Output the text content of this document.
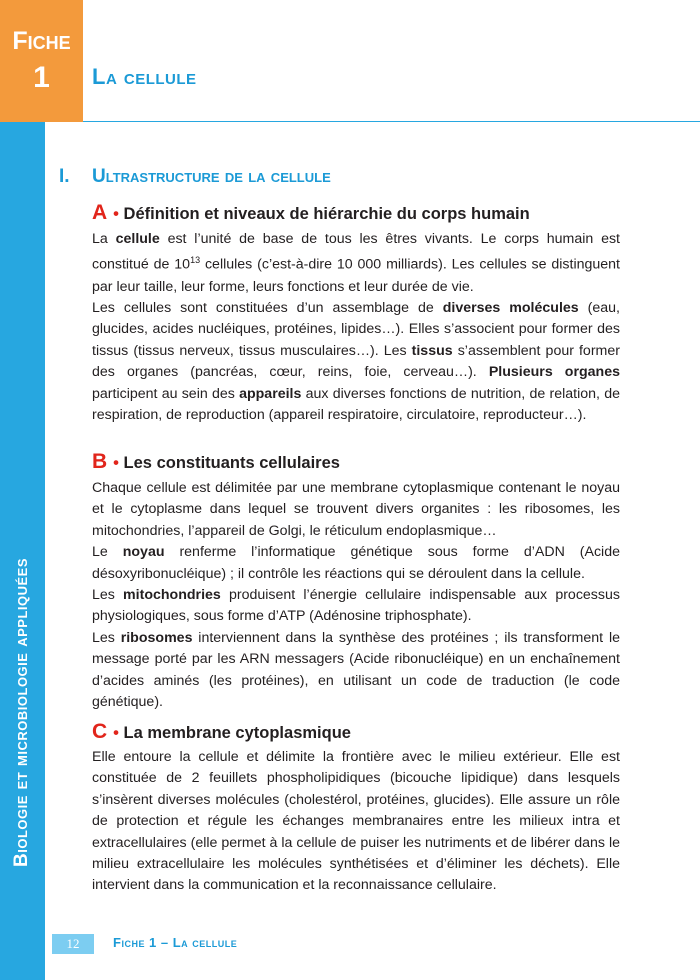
Fiche
1	La cellule
Biologie et microbiologie appliquées
I. Ultrastructure de la cellule
A • Définition et niveaux de hiérarchie du corps humain

La cellule est l’unité de base de tous les êtres vivants. Le corps humain est constitué de $10^{13}$ cellules (c’est-à-dire 10 000 milliards). Les cellules se distinguent par leur taille, leur forme, leurs fonctions et leur durée de vie.

Les cellules sont constituées d’un assemblage de diverses molécules (eau, glucides, acides nucléiques, protéines, lipides…). Elles s’associent pour former des tissus (tissus nerveux, tissus musculaires…). Les tissus s’assemblent pour former des organes (pancréas, cœur, reins, foie, cerveau…). Plusieurs organes participent au sein des appareils aux diverses fonctions de nutrition, de relation, de respiration, de reproduction (appareil respiratoire, circulatoire, reproducteur…).

B • Les constituants cellulaires

Chaque cellule est délimitée par une membrane cytoplasmique contenant le noyau et le cytoplasme dans lequel se trouvent divers organites : les ribosomes, les mitochondries, l’appareil de Golgi, le réticulum endoplasmique…

Le noyau renferme l’informatique génétique sous forme d’ADN (Acide désoxyribonucléique) ; il contrôle les réactions qui se déroulent dans la cellule.

Les mitochondries produisent l’énergie cellulaire indispensable aux processus physiologiques, sous forme d’ATP (Adénosine triphosphate).

Les ribosomes interviennent dans la synthèse des protéines ; ils transforment le message porté par les ARN messagers (Acide ribonucléique) en un enchaînement d’acides aminés (les protéines), en utilisant un code de traduction (le code génétique).

C • La membrane cytoplasmique

Elle entoure la cellule et délimite la frontière avec le milieu extérieur. Elle est constituée de 2 feuillets phospholipidiques (bicouche lipidique) dans lesquels s’insèrent diverses molécules (cholestérol, protéines, glucides). Elle assure un rôle de protection et régule les échanges membranaires entre les milieux intra et extracellulaires (elle permet à la cellule de puiser les nutriments et de libérer dans le milieu extracellulaire les molécules synthétisées et d’éliminer les déchets). Elle intervient dans la communication et la reconnaissance cellulaire.

12	Fiche 1 – La cellule
